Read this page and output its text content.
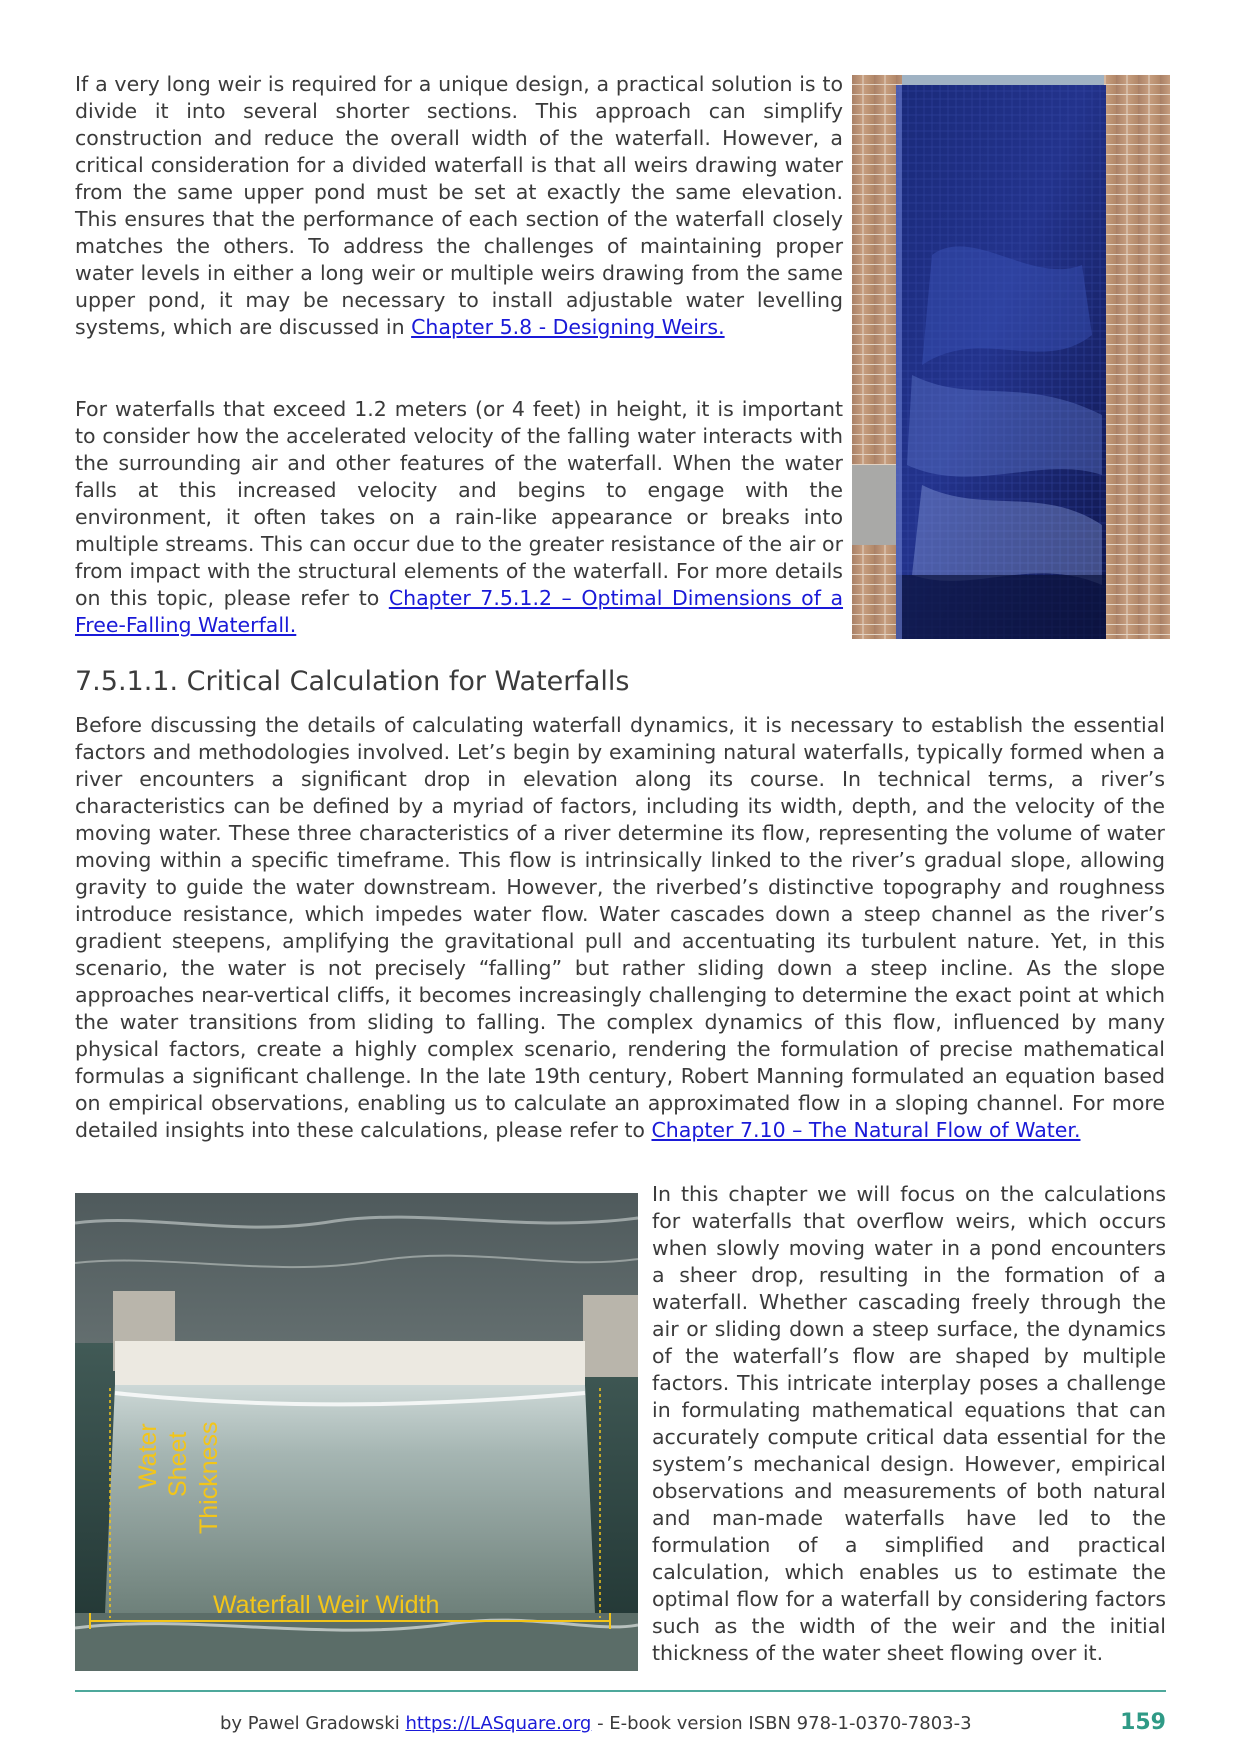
If a very long weir is required for a unique design, a practical solution is to divide it into several shorter sections. This approach can simplify construction and reduce the overall width of the waterfall. However, a critical consideration for a divided waterfall is that all weirs drawing water from the same upper pond must be set at exactly the same elevation. This ensures that the performance of each section of the waterfall closely matches the others. To address the challenges of maintaining proper water levels in either a long weir or multiple weirs drawing from the same upper pond, it may be necessary to install adjustable water levelling systems, which are discussed in Chapter 5.8 - Designing Weirs.

For waterfalls that exceed 1.2 meters (or 4 feet) in height, it is important to consider how the accelerated velocity of the falling water interacts with the surrounding air and other features of the waterfall. When the water falls at this increased velocity and begins to engage with the environment, it often takes on a rain-like appearance or breaks into multiple streams. This can occur due to the greater resistance of the air or from impact with the structural elements of the waterfall. For more details on this topic, please refer to Chapter 7.5.1.2 – Optimal Dimensions of a Free-Falling Waterfall.

7.5.1.1. Critical Calculation for Waterfalls

Before discussing the details of calculating waterfall dynamics, it is necessary to establish the essential factors and methodologies involved. Let’s begin by examining natural waterfalls, typically formed when a river encounters a significant drop in elevation along its course. In technical terms, a river’s characteristics can be defined by a myriad of factors, including its width, depth, and the velocity of the moving water. These three characteristics of a river determine its flow, representing the volume of water moving within a specific timeframe. This flow is intrinsically linked to the river’s gradual slope, allowing gravity to guide the water downstream. However, the riverbed’s distinctive topography and roughness introduce resistance, which impedes water flow. Water cascades down a steep channel as the river’s gradient steepens, amplifying the gravitational pull and accentuating its turbulent nature. Yet, in this scenario, the water is not precisely “falling” but rather sliding down a steep incline. As the slope approaches near-vertical cliffs, it becomes increasingly challenging to determine the exact point at which the water transitions from sliding to falling. The complex dynamics of this flow, influenced by many physical factors, create a highly complex scenario, rendering the formulation of precise mathematical formulas a significant challenge. In the late 19th century, Robert Manning formulated an equation based on empirical observations, enabling us to calculate an approximated flow in a sloping channel. For more detailed insights into these calculations, please refer to Chapter 7.10 – The Natural Flow of Water.

Water Sheet Thickness
Waterfall Weir Width

In this chapter we will focus on the calculations for waterfalls that overflow weirs, which occurs when slowly moving water in a pond encounters a sheer drop, resulting in the formation of a waterfall. Whether cascading freely through the air or sliding down a steep surface, the dynamics of the waterfall’s flow are shaped by multiple factors. This intricate interplay poses a challenge in formulating mathematical equations that can accurately compute critical data essential for the system’s mechanical design. However, empirical observations and measurements of both natural and man-made waterfalls have led to the formulation of a simplified and practical calculation, which enables us to estimate the optimal flow for a waterfall by considering factors such as the width of the weir and the initial thickness of the water sheet flowing over it.

by Pawel Gradowski https://LASquare.org - E-book version ISBN 978-1-0370-7803-3	159
